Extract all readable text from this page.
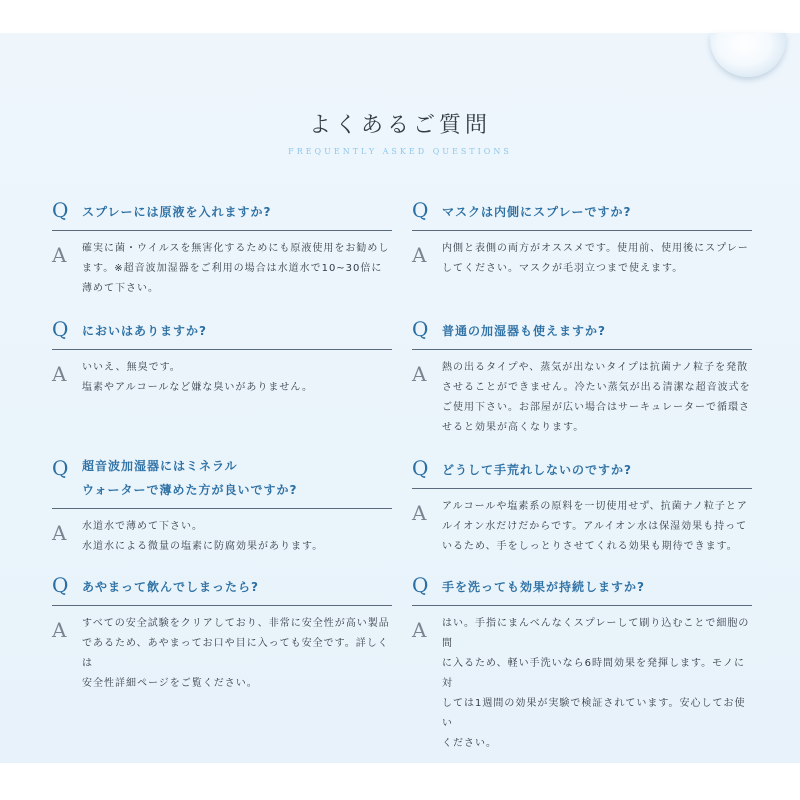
よくあるご質問
FREQUENTLY ASKED QUESTIONS
Q スプレーには原液を入れますか?
A 確実に菌・ウイルスを無害化するためにも原液使用をお勧めし
ます。※超音波加湿器をご利用の場合は水道水で10~30倍に
薄めて下さい。
Q マスクは内側にスプレーですか?
A 内側と表側の両方がオススメです。使用前、使用後にスプレー
してください。マスクが毛羽立つまで使えます。
Q においはありますか?
A いいえ、無臭です。
塩素やアルコールなど嫌な臭いがありません。
Q 普通の加湿器も使えますか?
A 熱の出るタイプや、蒸気が出ないタイプは抗菌ナノ粒子を発散
させることができません。冷たい蒸気が出る清潔な超音波式を
ご使用下さい。お部屋が広い場合はサーキュレーターで循環さ
せると効果が高くなります。
Q 超音波加湿器にはミネラル
ウォーターで薄めた方が良いですか?
A 水道水で薄めて下さい。
水道水による微量の塩素に防腐効果があります。
Q どうして手荒れしないのですか?
A アルコールや塩素系の原料を一切使用せず、抗菌ナノ粒子とア
ルイオン水だけだからです。アルイオン水は保湿効果も持って
いるため、手をしっとりさせてくれる効果も期待できます。
Q あやまって飲んでしまったら?
A すべての安全試験をクリアしており、非常に安全性が高い製品
であるため、あやまってお口や目に入っても安全です。詳しくは
安全性詳細ページをご覧ください。
Q 手を洗っても効果が持続しますか?
A はい。手指にまんべんなくスプレーして刷り込むことで細胞の間
に入るため、軽い手洗いなら6時間効果を発揮します。モノに対
しては1週間の効果が実験で検証されています。安心してお使い
ください。
